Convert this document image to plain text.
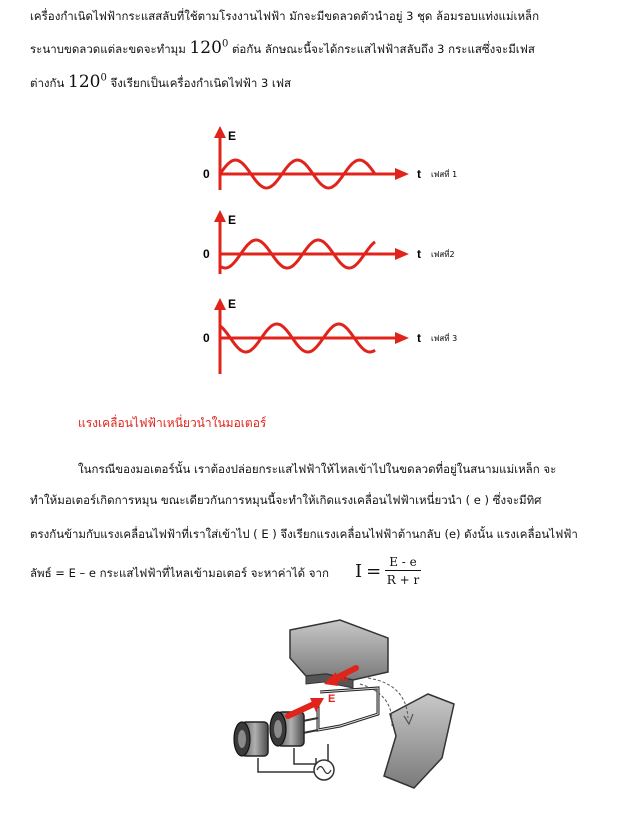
เครื่องกำเนิดไฟฟ้ากระแสสลับที่ใช้ตามโรงงานไฟฟ้า มักจะมีขดลวดตัวนำอยู่ 3 ชุด ล้อมรอบแท่งแม่เหล็ก
ระนาบขดลวดแต่ละขดจะทำมุม $120^0$ ต่อกัน ลักษณะนี้จะได้กระแสไฟฟ้าสลับถึง 3 กระแสซึ่งจะมีเฟส
ต่างกัน $120^0$ จึงเรียกเป็นเครื่องกำเนิดไฟฟ้า 3 เฟส
E
0	t เฟสที่ 1
E
0	t เฟสที่2
E
0	t เฟสที่ 3
แรงเคลื่อนไฟฟ้าเหนี่ยวนำในมอเตอร์
ในกรณีของมอเตอร์นั้น เราต้องปล่อยกระแสไฟฟ้าให้ไหลเข้าไปในขดลวดที่อยู่ในสนามแม่เหล็ก จะ
ทำให้มอเตอร์เกิดการหมุน ขณะเดียวกันการหมุนนี้จะทำให้เกิดแรงเคลื่อนไฟฟ้าเหนี่ยวนำ ( e ) ซึ่งจะมีทิศ
ตรงกันข้ามกับแรงเคลื่อนไฟฟ้าที่เราใส่เข้าไป ( E ) จึงเรียกแรงเคลื่อนไฟฟ้าต้านกลับ (e) ดังนั้น แรงเคลื่อนไฟฟ้า
ลัพธ์ = E – e กระแสไฟฟ้าที่ไหลเข้ามอเตอร์ จะหาค่าได้ จาก $I = \frac{E - e}{R + r}$
e
E
